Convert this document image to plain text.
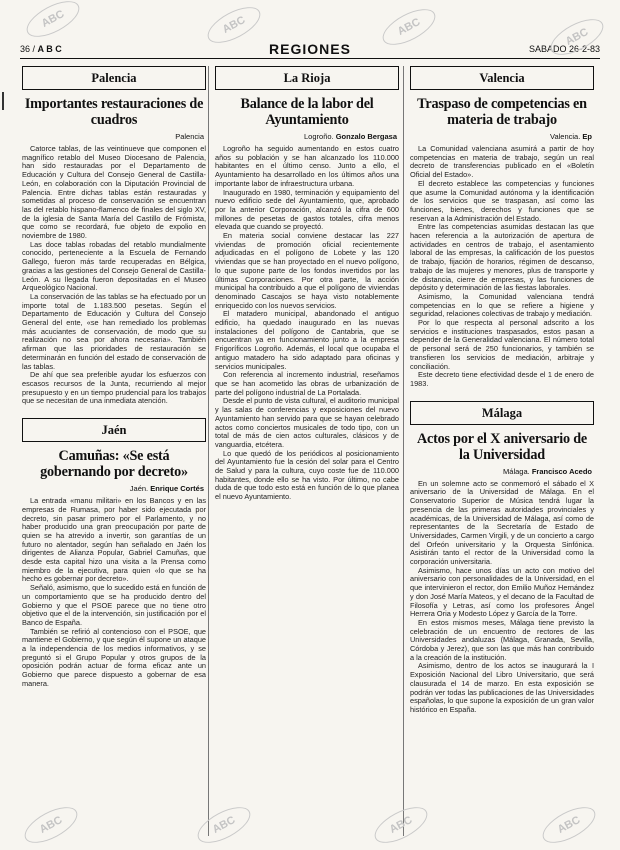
36 / A B C	REGIONES	SABADO 26-2-83
Palencia
Importantes restauraciones de cuadros
Palencia

Catorce tablas, de las veintinueve que componen el magnífico retablo del Museo Diocesano de Palencia, han sido restauradas por el Departamento de Educación y Cultura del Consejo General de Castilla-León, en colaboración con la Diputación Provincial de Palencia. Entre dichas tablas están restauradas y sometidas al proceso de conservación se encuentran las del retablo hispano-flamenco de finales del siglo XV, de la iglesia de Santa María del Castillo de Frómista, que como se recordará, fue objeto de expolio en noviembre de 1980.

Las doce tablas robadas del retablo mundialmente conocido, perteneciente a la Escuela de Fernando Gallego, fueron más tarde recuperadas en Bélgica, gracias a las gestiones del Consejo General de Castilla-León. A su llegada fueron depositadas en el Museo Arqueológico Nacional.

La conservación de las tablas se ha efectuado por un importe total de 1.183.500 pesetas. Según el Departamento de Educación y Cultura del Consejo General del ente, «se han remediado los problemas más acuciantes de conservación, de modo que su realización no sea por ahora necesaria». También afirman que las prioridades de restauración se determinarán en función del estado de conservación de las tablas.

De ahí que sea preferible ayudar los esfuerzos con escasos recursos de la Junta, recurriendo al mejor presupuesto y en un tiempo prudencial para los trabajos que se necesitan de una inmediata atención.

Jaén
Camuñas: «Se está gobernando por decreto»
Jaén. Enrique Cortés

La entrada «manu militari» en los Bancos y en las empresas de Rumasa, por haber sido ejecutada por decreto, sin pasar primero por el Parlamento, y no haber producido una gran preocupación por parte de quien se ha atrevido a invertir, son garantías de un futuro no alentador, según han señalado en Jaén los dirigentes de Alianza Popular, Gabriel Camuñas, que desde esta capital hizo una visita a la Prensa como miembro de la ejecutiva, para quien «lo que se ha hecho es gobernar por decreto».

Señaló, asimismo, que lo sucedido está en función de un comportamiento que se ha producido dentro del Gobierno y que el PSOE parece que no tiene otro objetivo que el de la intervención, sin justificación por el Banco de España.

También se refirió al contencioso con el PSOE, que mantiene el Gobierno, y que según él supone un ataque a la independencia de los medios informativos, y se preguntó si el Grupo Popular y otros grupos de la oposición podrán actuar de forma eficaz ante un Gobierno que parece dispuesto a gobernar de esa manera.

La Rioja
Balance de la labor del Ayuntamiento
Logroño. Gonzalo Bergasa

Logroño ha seguido aumentando en estos cuatro años su población y se han alcanzado los 110.000 habitantes en el último censo. Junto a ello, el Ayuntamiento ha desarrollado en los últimos años una importante labor de infraestructura urbana.

Inaugurado en 1980, terminación y equipamiento del nuevo edificio sede del Ayuntamiento, que, aprobado por la anterior Corporación, alcanzó la cifra de 600 millones de pesetas de gastos totales, cifra menos elevada que cuando se proyectó.

En materia social conviene destacar las 227 viviendas de promoción oficial recientemente adjudicadas en el polígono de Lobete y las 120 viviendas que se han proyectado en el nuevo polígono, lo que supone parte de los fondos invertidos por las últimas Corporaciones. Por otra parte, la acción municipal ha contribuido a que el polígono de viviendas denominado Cascajos se haya visto notablemente enriquecido con los nuevos servicios.

El matadero municipal, abandonado el antiguo edificio, ha quedado inaugurado en las nuevas instalaciones del polígono de Cantabria, que se encuentran ya en funcionamiento junto a la empresa Frigoríficos Logroño. Además, el local que ocupaba el antiguo matadero ha sido adaptado para oficinas y servicios municipales.

Con referencia al incremento industrial, reseñamos que se han acometido las obras de urbanización de parte del polígono industrial de La Portalada.

Desde el punto de vista cultural, el auditorio municipal y las salas de conferencias y exposiciones del nuevo Ayuntamiento han servido para que se hayan celebrado actos como conciertos musicales de todo tipo, con un total de más de cien actos culturales, clásicos y de vanguardia, etcétera.

Lo que quedó de los periódicos al posicionamiento del Ayuntamiento fue la cesión del solar para el Centro de Salud y para la cultura, cuyo coste fue de 110.000 habitantes, donde ello se ha visto. Por último, no cabe duda de que todo esto está en función de lo que planea el nuevo Ayuntamiento.

Valencia
Traspaso de competencias en materia de trabajo
Valencia. Ep

La Comunidad valenciana asumirá a partir de hoy competencias en materia de trabajo, según un real decreto de transferencias publicado en el «Boletín Oficial del Estado».

El decreto establece las competencias y funciones que asume la Comunidad autónoma y la identificación de los servicios que se traspasan, así como las funciones, bienes, derechos y funciones que se reservan a la Administración del Estado.

Entre las competencias asumidas destacan las que hacen referencia a la autorización de apertura de actividades en centros de trabajo, el asentamiento laboral de las empresas, la calificación de los puestos de trabajo, fijación de horarios, régimen de descanso, trabajo de las mujeres y menores, plus de transporte y de distancia, cierre de empresas, y las funciones de depósito y determinación de las fiestas laborales.

Asimismo, la Comunidad valenciana tendrá competencias en lo que se refiere a higiene y seguridad, relaciones colectivas de trabajo y mediación.

Por lo que respecta al personal adscrito a los servicios e instituciones traspasados, estos pasan a depender de la Generalidad valenciana. El número total de personal será de 250 funcionarios, y también se transfieren los servicios de mediación, arbitraje y conciliación.

Este decreto tiene efectividad desde el 1 de enero de 1983.

Málaga
Actos por el X aniversario de la Universidad
Málaga. Francisco Acedo

En un solemne acto se conmemoró el sábado el X aniversario de la Universidad de Málaga. En el Conservatorio Superior de Música tendrá lugar la presencia de las primeras autoridades provinciales y académicas, de la Universidad de Málaga, así como de representantes de la Secretaría de Estado de Universidades, Carmen Virgili, y de un concierto a cargo del Orfeón universitario y la Orquesta Sinfónica. Asistirán tanto el rector de la Universidad como la corporación universitaria.

Asimismo, hace unos días un acto con motivo del aniversario con personalidades de la Universidad, en el que intervinieron el rector, don Emilio Muñoz Hernández y don José María Mateos, y el decano de la Facultad de Filosofía y Letras, así como los profesores Ángel Herrera Oria y Modesto López y García de la Torre.

En estos mismos meses, Málaga tiene previsto la celebración de un encuentro de rectores de las Universidades andaluzas (Málaga, Granada, Sevilla, Córdoba y Jerez), que son las que más han contribuido a la creación de la institución.

Asimismo, dentro de los actos se inaugurará la I Exposición Nacional del Libro Universitario, que será clausurada el 14 de marzo. En esta exposición se podrán ver todas las publicaciones de las Universidades españolas, lo que supone la exposición de un gran valor histórico en España.

ABC	ABC	ABC	ABC
ABC	ABC	ABC	ABC
